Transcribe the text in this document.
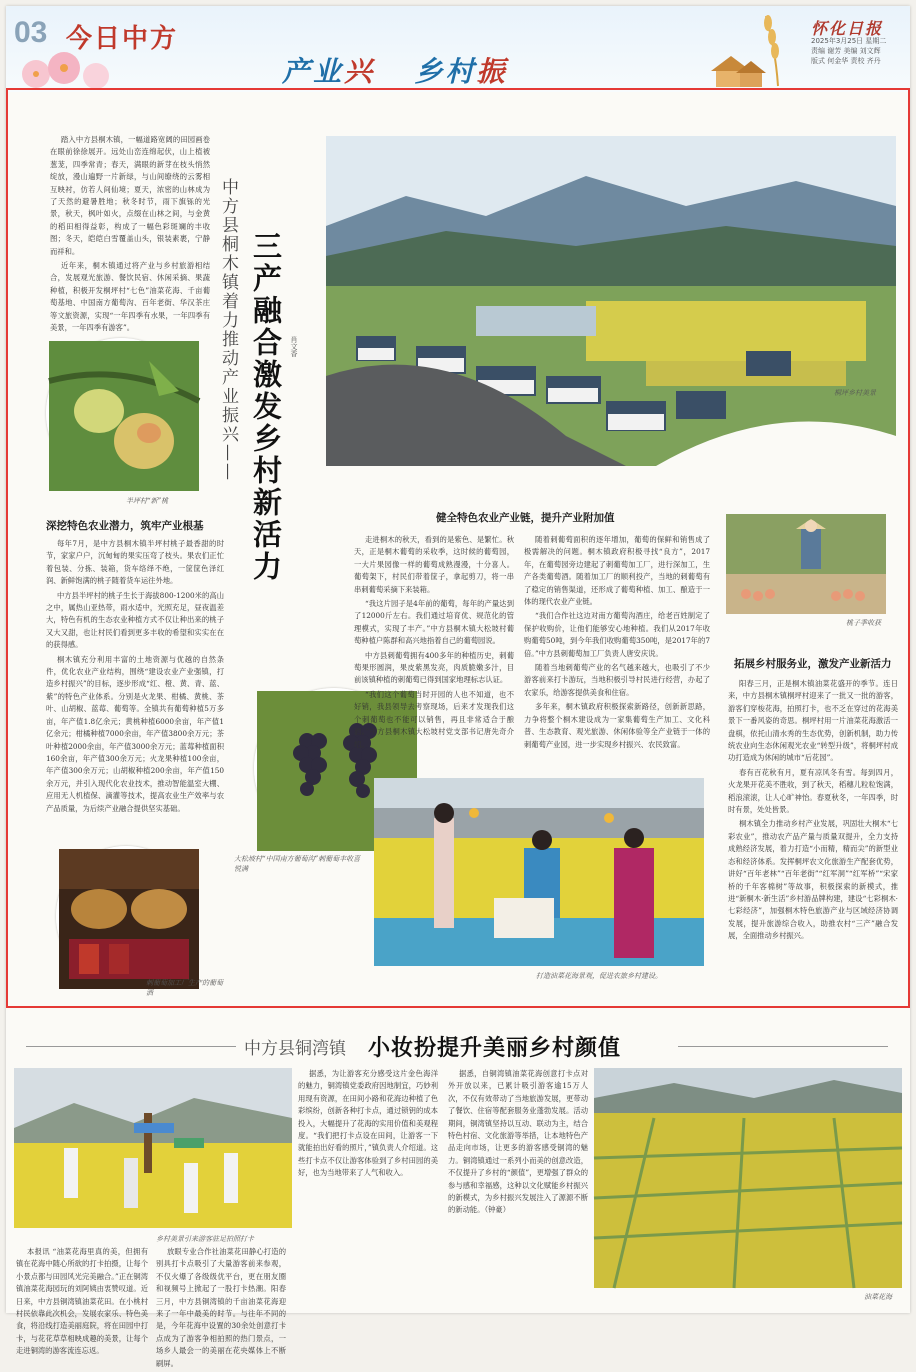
03 今日中方
产业兴 乡村振
怀化日报
2025年3月25日 星期二
责编 谢芳 美编 刘文辉
版式 何金华 责校 齐丹

踏入中方县桐木镇，一幅道路宽阔的田园画卷在眼前徐徐展开。远处山峦连绵起伏，山上植被葱茏，四季常青；春天，满眼的新芽在枝头悄然绽放，漫山遍野一片新绿，与山间缭绕的云雾相互映衬，仿若人间仙境；夏天，浓密的山林成为了天然的避暑胜地；秋冬时节，雨下旗铄的光景，秋天，枫叶如火，点缀在山林之间，与金黄的稻田相得益彰，构成了一幅色彩斑斓的丰收图；冬天，皑皑白雪覆盖山头，银装素裹，宁静而祥和。

近年来，桐木镇通过将产业与乡村旅游相结合，发展观光旅游、餐饮民宿、休闲采摘、果蔬种植，积极开发桐坪村“七色”油菜花海、千亩葡萄基地、中国南方葡萄沟、百年老街、华汉茶庄等文旅资源，实现“一年四季有水果，一年四季有美景，一年四季有游客”。	中方县桐木镇着力推动产业振兴—— 三产融合激发乡村新活力	肖文香
桐坪乡村美景
半坪村“新”桃
深挖特色农业潜力，筑牢产业根基

每年7月，是中方县桐木镇半坪村桃子最香甜的时节，家家户户，沉甸甸的果实压弯了枝头。果农们正忙着包装、分拣、装箱，货车络绎不绝，一筐筐色泽红润、新鲜饱满的桃子随着货车运往外地。

中方县半坪村的桃子生长于海拔800-1200米的高山之中，属热山亚热带，雨水适中，光照充足，昼夜温差大，特色有机的生态农业种植方式不仅让种出来的桃子又大又甜，也让村民们看到更多丰收的希望和实实在在的获得感。

桐木镇充分利用丰富的土地资源与优越的自然条件，优化农业产业结构，围绕“建设农业产业强镇，打造乡村振兴”的目标，逐步形成“红、橙、黄、青、蓝、紫”的特色产业体系。分别是火龙果、柑橘、黄桃、茶叶、山胡椒、蓝莓、葡萄等。全镇共有葡萄种植5万多亩，年产值1.8亿余元；黄桃种植6000余亩，年产值1亿余元；柑橘种植7000余亩，年产值3800余万元；茶叶种植2000余亩，年产值3000余万元；蓝莓种植面积160余亩，年产值300余万元；火龙果种植100余亩，年产值300余万元；山胡椒种植200余亩，年产值150余万元，并引入现代化农业技术，推动智能温室大棚、应用无人机植保、滴灌等技术，提高农业生产效率与农产品质量，为后续产业融合提供坚实基础。

刺葡萄加工厂生产的葡萄酒
大松坡村“中国南方葡萄沟”刺葡萄丰收喜悦满
健全特色农业产业链，提升产业附加值

走进桐木的秋天，看到的是紫色、是繁忙。秋天，正是桐木葡萄的采收季，这时候的葡萄园，一大片果园像一样的葡萄成熟漫漫，十分喜人。葡萄架下，村民们带着筐子，拿起剪刀，将一串串刺葡萄采摘下来装箱。

“我这片园子是4年前的葡萄，每年的产量达到了12000斤左右。我们通过培育优、规范化的管理模式，实现了丰产。”中方县桐木镇大松坡村葡萄种植户陈群和高兴地指着自己的葡萄园说。

中方县刺葡萄拥有400多年的种植历史，刺葡萄果形圆润，果皮紫黑发亮，肉质脆嫩多汁，目前该镇种植的刺葡萄已得到国家地理标志认证。

“我们这个葡萄当时开园的人也不知道，也不好销，我县领导去考察现场，后来才发现我们这个刺葡萄也不能可以销售，再且非常适合于酿酒。”中方县桐木镇大松坡村党支部书记唐先奇介绍。

随着刺葡萄面积的逐年增加，葡萄的保鲜和销售成了极需解决的问题。桐木镇政府积极寻找“良方”，2017年，在葡萄园旁边建起了刺葡萄加工厂，进行深加工，生产各类葡萄酒。随着加工厂的顺利投产，当地的刺葡萄有了稳定的销售渠道，还形成了葡萄种植、加工、酿造于一体的现代农业产业链。

“我们合作社这边对南方葡萄沟酒庄，给老百姓制定了保护收购价，让他们能够安心地种植。我们从2017年收购葡萄50吨，到今年我们收购葡萄350吨，是2017年的7倍。”中方县刺葡萄加工厂负责人唐安庆说。

随着当地刺葡萄产业的名气越来越大，也吸引了不少游客前来打卡游玩，当地积极引导村民进行经营，办起了农家乐，给游客提供美食和住宿。

多年来，桐木镇政府积极探索新路径，创新新思路，力争将整个桐木建设成为一家集葡萄生产加工、文化科普、生态教育、观光旅游、休闲体验等全产业链于一体的刺葡萄产业园，进一步实现乡村振兴、农民致富。

桃子季收获
拓展乡村服务业，激发产业新活力

阳春三月，正是桐木镇油菜花盛开的季节。连日来，中方县桐木镇桐坪村迎来了一批又一批的游客，游客们穿梭花海，拍照打卡，也不乏在穿过的花海美景下一番风姿的奇思。桐坪村用一片油菜花海激活一盘棋，依托山清水秀的生态优势，创新机制，助力传统农业向生态休闲观光农业“转型升级”，将桐坪村成功打造成为休闲的城市“后花园”。

春有百花秋有月，夏有凉风冬有雪。每到四月，火龙果开花美不胜收，到了秋天，稻穗儿粒粒饱满，稻浪滚滚，让人心旷神怡。春夏秋冬，一年四季，时时有景，处处皆景。

桐木镇全力推动乡村产业发展，巩固壮大桐木“七彩农业”，推动农产品产量与质量双提升，全力支持成熟经济发展，着力打造“小而精，精而尖”的新型业态和经济体系。发挥桐坪农文化旅游生产配套优势，讲好“百年老林”“百年老街”“红军洞”“红军桥”“宋家桥的千年客棉树”等故事，积极探索的新模式，推进“新桐木·新生活”乡村游品牌构建，建设“七彩桐木·七彩经济”，加强桐木特色旅游产业与区域经济协调发展，提升旅游综合收入，助推农村“三产”融合发展，全面推动乡村振兴。

打造油菜花海景观，促进农旅乡村建设。
中方县铜湾镇 小妆扮提升美丽乡村颜值
乡村美景引来游客驻足拍照打卡

本报讯 “油菜花海里真的美，但拥有镇在花海中随心所欲的打卡拍摄，让每个小景点都与田园风光完美融合。”正在铜湾镇油菜花海园玩的刘阿姨由衷赞叹道。近日来，中方县铜湾镇油菜花田。在小桃村村民依靠此次机会，发展农家乐、特色美食，将沿线打造美丽庭院，将在田园中打卡，与花花草草相映成趣的美景，让每个走进铜湾的游客流连忘返。

放眼专业合作社油菜花田静心打造的别具打卡点吸引了大量游客前来参观，不仅火爆了各级级优平台，更在朋友圈和视频号上掀起了一股打卡热潮。阳春三月，中方县铜湾镇的千亩油菜花海迎来了一年中最美的时节。与往年不同的是，今年花海中设置的30余处创意打卡点成为了游客争相拍照的热门景点，一场乡人最会一的美丽在花央媒体上不断刷屏。

据悉，为让游客充分感受这片金色海洋的魅力，铜湾镇党委政府因地制宜，巧妙利用现有资源，在田间小路和花海边种植了色彩缤纷，创新各种打卡点，通过锁钥的成本投入，大幅提升了花海的实用价值和美观程度。“我们把打卡点设在田间，让游客一下就能拍出好看的照片，”镇负责人介绍道。这些打卡点不仅让游客体验到了乡村田园的美好，也为当地带来了人气和收入。

据悉，自铜湾镇油菜花海创意打卡点对外开放以来，已累计吸引游客逾15万人次，不仅有效带动了当地旅游发展，更带动了餐饮、住宿等配套服务业蓬勃发展。活动期间，铜湾镇坚持以互动、联动为主，结合特色村宿、文化旅游等举措，让本地特色产品走向市场，让更多的游客感受铜湾的魅力。铜湾镇通过一系列小而美的创意改造，不仅提升了乡村的“颜值”，更增强了群众的参与感和幸福感，这种以文化赋能乡村振兴的新模式，为乡村振兴发展注入了源源不断的新动能。（钟豪）

油菜花海
